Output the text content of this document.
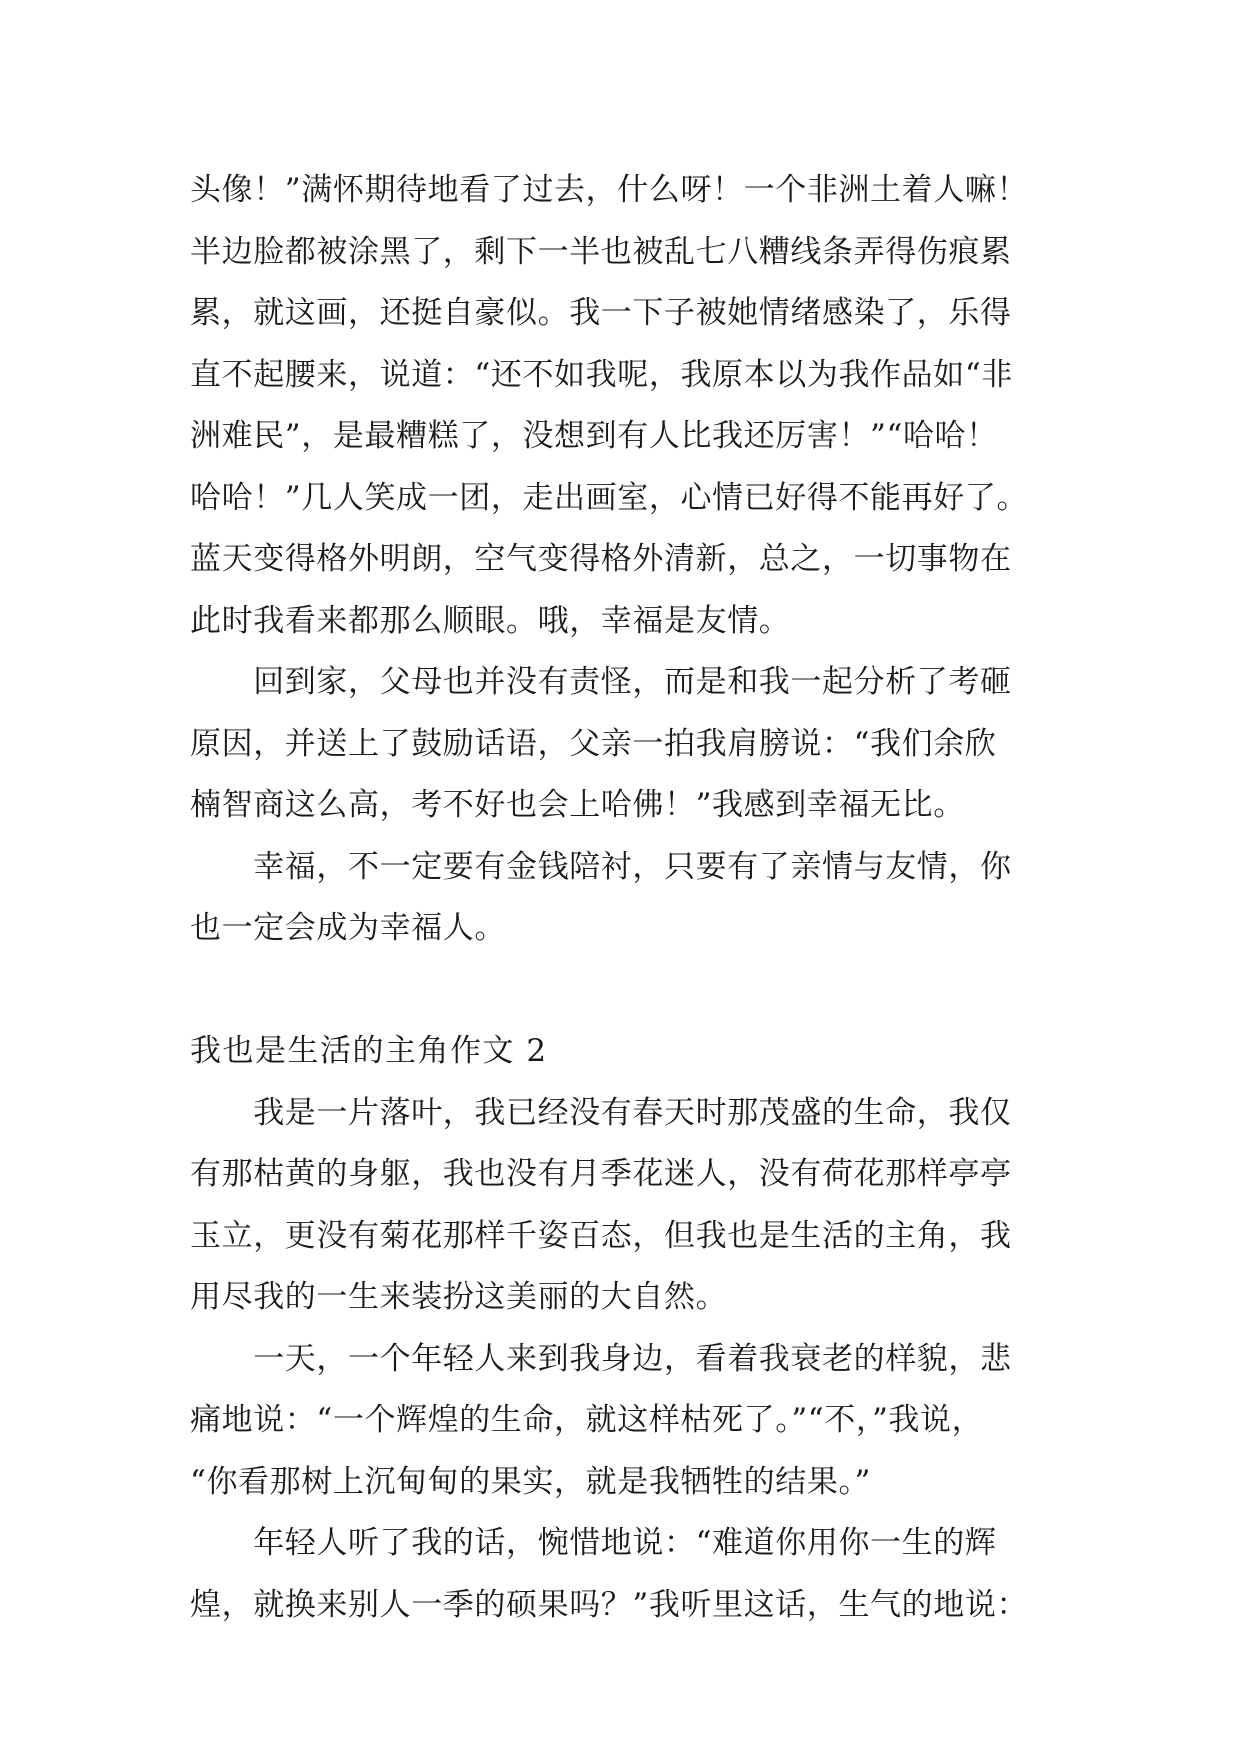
头像！”满怀期待地看了过去，什么呀！一个非洲土着人嘛！
半边脸都被涂黑了，剩下一半也被乱七八糟线条弄得伤痕累
累，就这画，还挺自豪似。我一下子被她情绪感染了，乐得
直不起腰来，说道：“还不如我呢，我原本以为我作品如“非
洲难民”，是最糟糕了，没想到有人比我还厉害！”“哈哈！
哈哈！”几人笑成一团，走出画室，心情已好得不能再好了。
蓝天变得格外明朗，空气变得格外清新，总之，一切事物在
此时我看来都那么顺眼。哦，幸福是友情。
　　回到家，父母也并没有责怪，而是和我一起分析了考砸
原因，并送上了鼓励话语，父亲一拍我肩膀说：“我们余欣
楠智商这么高，考不好也会上哈佛！”我感到幸福无比。
　　幸福，不一定要有金钱陪衬，只要有了亲情与友情，你
也一定会成为幸福人。
我也是生活的主角作文 2
　　我是一片落叶，我已经没有春天时那茂盛的生命，我仅
有那枯黄的身躯，我也没有月季花迷人，没有荷花那样亭亭
玉立，更没有菊花那样千姿百态，但我也是生活的主角，我
用尽我的一生来装扮这美丽的大自然。
　　一天，一个年轻人来到我身边，看着我衰老的样貌，悲
痛地说：“一个辉煌的生命，就这样枯死了。”“不，”我说，
“你看那树上沉甸甸的果实，就是我牺牲的结果。”
　　年轻人听了我的话，惋惜地说：“难道你用你一生的辉
煌，就换来别人一季的硕果吗？”我听里这话，生气的地说：
